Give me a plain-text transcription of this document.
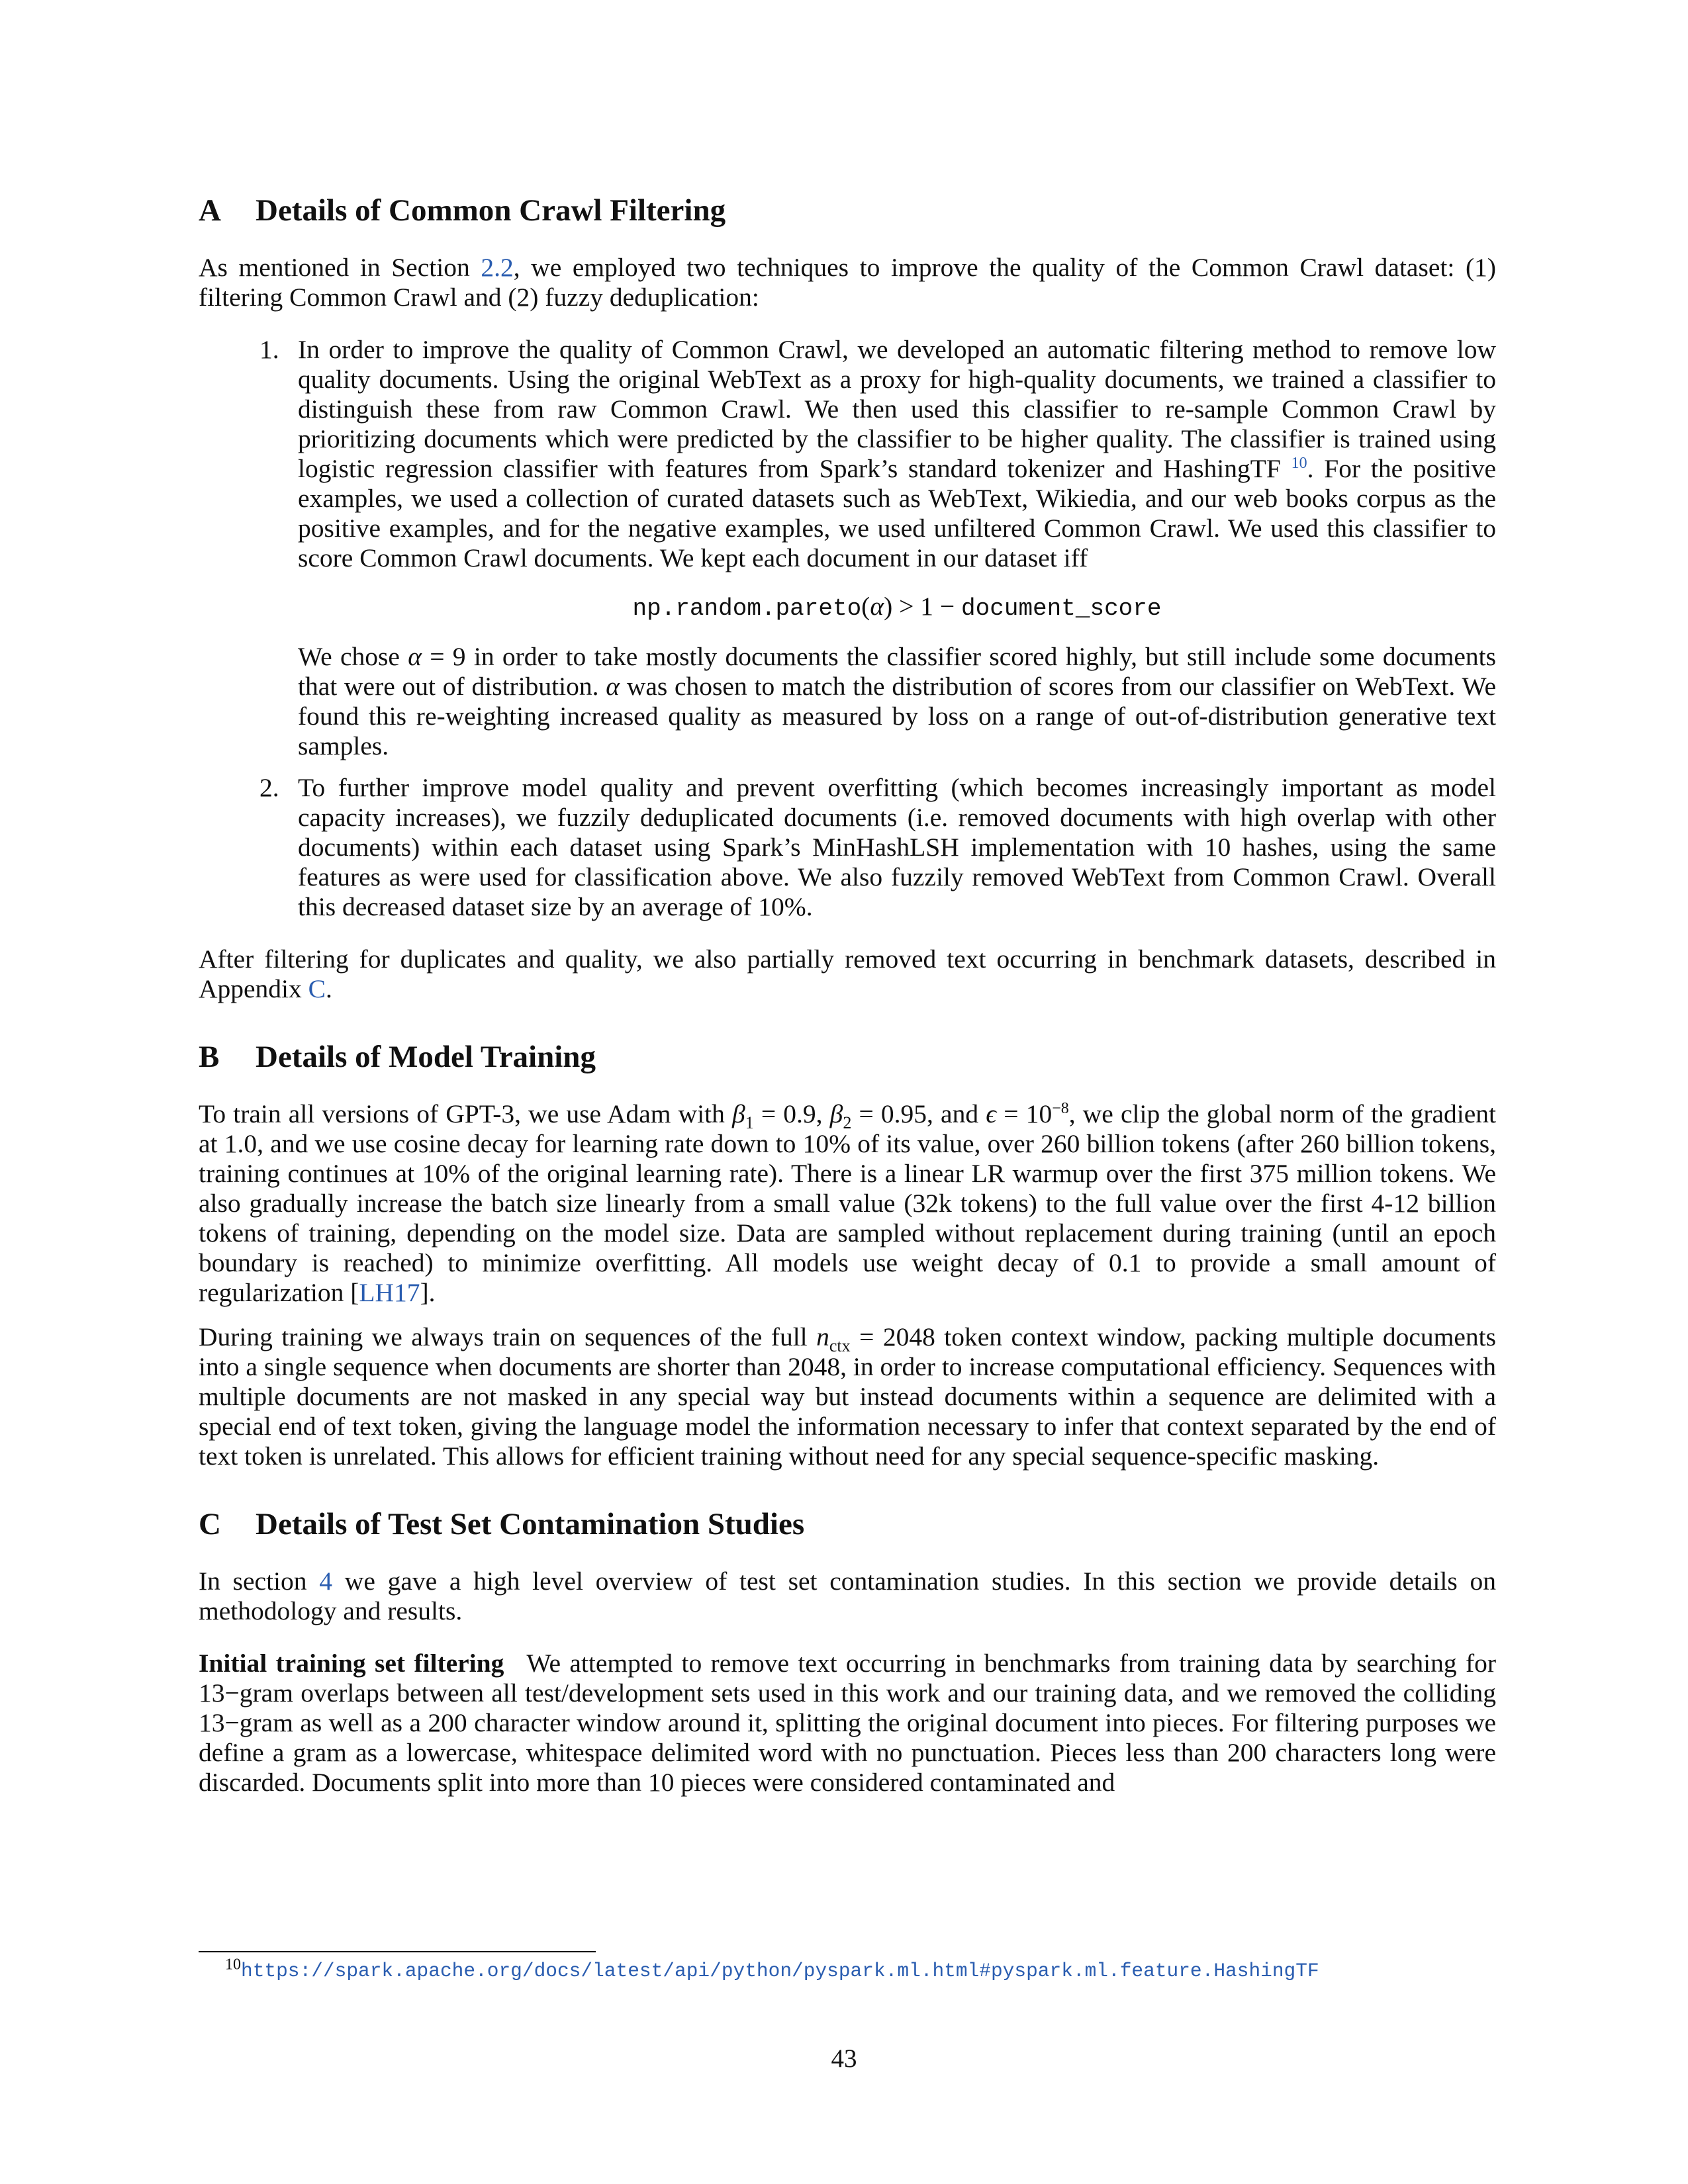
A	Details of Common Crawl Filtering

As mentioned in Section 2.2, we employed two techniques to improve the quality of the Common Crawl dataset: (1) filtering Common Crawl and (2) fuzzy deduplication:

1. In order to improve the quality of Common Crawl, we developed an automatic filtering method to remove low quality documents. Using the original WebText as a proxy for high-quality documents, we trained a classifier to distinguish these from raw Common Crawl. We then used this classifier to re-sample Common Crawl by prioritizing documents which were predicted by the classifier to be higher quality. The classifier is trained using logistic regression classifier with features from Spark’s standard tokenizer and HashingTF $^{10}$. For the positive examples, we used a collection of curated datasets such as WebText, Wikiedia, and our web books corpus as the positive examples, and for the negative examples, we used unfiltered Common Crawl. We used this classifier to score Common Crawl documents. We kept each document in our dataset iff

np.random.pareto(α) > 1 − document_score

We chose α = 9 in order to take mostly documents the classifier scored highly, but still include some documents that were out of distribution. α was chosen to match the distribution of scores from our classifier on WebText. We found this re-weighting increased quality as measured by loss on a range of out-of-distribution generative text samples.

2. To further improve model quality and prevent overfitting (which becomes increasingly important as model capacity increases), we fuzzily deduplicated documents (i.e. removed documents with high overlap with other documents) within each dataset using Spark’s MinHashLSH implementation with 10 hashes, using the same features as were used for classification above. We also fuzzily removed WebText from Common Crawl. Overall this decreased dataset size by an average of 10%.

After filtering for duplicates and quality, we also partially removed text occurring in benchmark datasets, described in Appendix C.

B	Details of Model Training

To train all versions of GPT-3, we use Adam with $\beta_1 = 0.9$, $\beta_2 = 0.95$, and $\epsilon = 10^{-8}$, we clip the global norm of the gradient at 1.0, and we use cosine decay for learning rate down to 10% of its value, over 260 billion tokens (after 260 billion tokens, training continues at 10% of the original learning rate). There is a linear LR warmup over the first 375 million tokens. We also gradually increase the batch size linearly from a small value (32k tokens) to the full value over the first 4-12 billion tokens of training, depending on the model size. Data are sampled without replacement during training (until an epoch boundary is reached) to minimize overfitting. All models use weight decay of 0.1 to provide a small amount of regularization [LH17].

During training we always train on sequences of the full $n_{ctx} = 2048$ token context window, packing multiple documents into a single sequence when documents are shorter than 2048, in order to increase computational efficiency. Sequences with multiple documents are not masked in any special way but instead documents within a sequence are delimited with a special end of text token, giving the language model the information necessary to infer that context separated by the end of text token is unrelated. This allows for efficient training without need for any special sequence-specific masking.

C	Details of Test Set Contamination Studies

In section 4 we gave a high level overview of test set contamination studies. In this section we provide details on methodology and results.

Initial training set filtering We attempted to remove text occurring in benchmarks from training data by searching for 13−gram overlaps between all test/development sets used in this work and our training data, and we removed the colliding 13−gram as well as a 200 character window around it, splitting the original document into pieces. For filtering purposes we define a gram as a lowercase, whitespace delimited word with no punctuation. Pieces less than 200 characters long were discarded. Documents split into more than 10 pieces were considered contaminated and

$^{10}$https://spark.apache.org/docs/latest/api/python/pyspark.ml.html#pyspark.ml.feature.HashingTF
43
